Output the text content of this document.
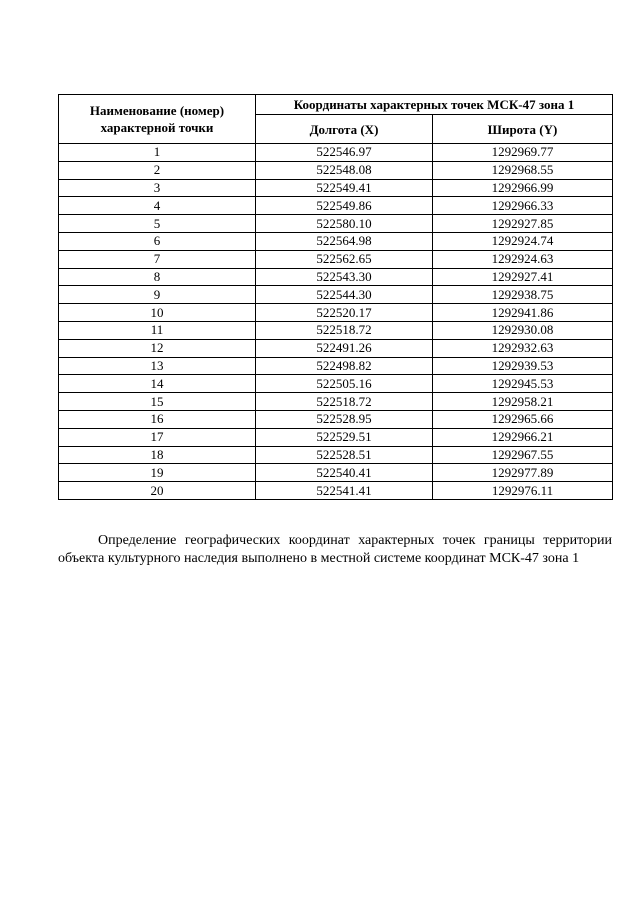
Наименование (номер) характерной точки	Координаты характерных точек МСК-47 зона 1	
	Долгота (X)	Широта (Y)
1	522546.97	1292969.77
2	522548.08	1292968.55
3	522549.41	1292966.99
4	522549.86	1292966.33
5	522580.10	1292927.85
6	522564.98	1292924.74
7	522562.65	1292924.63
8	522543.30	1292927.41
9	522544.30	1292938.75
10	522520.17	1292941.86
11	522518.72	1292930.08
12	522491.26	1292932.63
13	522498.82	1292939.53
14	522505.16	1292945.53
15	522518.72	1292958.21
16	522528.95	1292965.66
17	522529.51	1292966.21
18	522528.51	1292967.55
19	522540.41	1292977.89
20	522541.41	1292976.11

Определение географических координат характерных точек границы территории объекта культурного наследия выполнено в местной системе координат МСК-47 зона 1
